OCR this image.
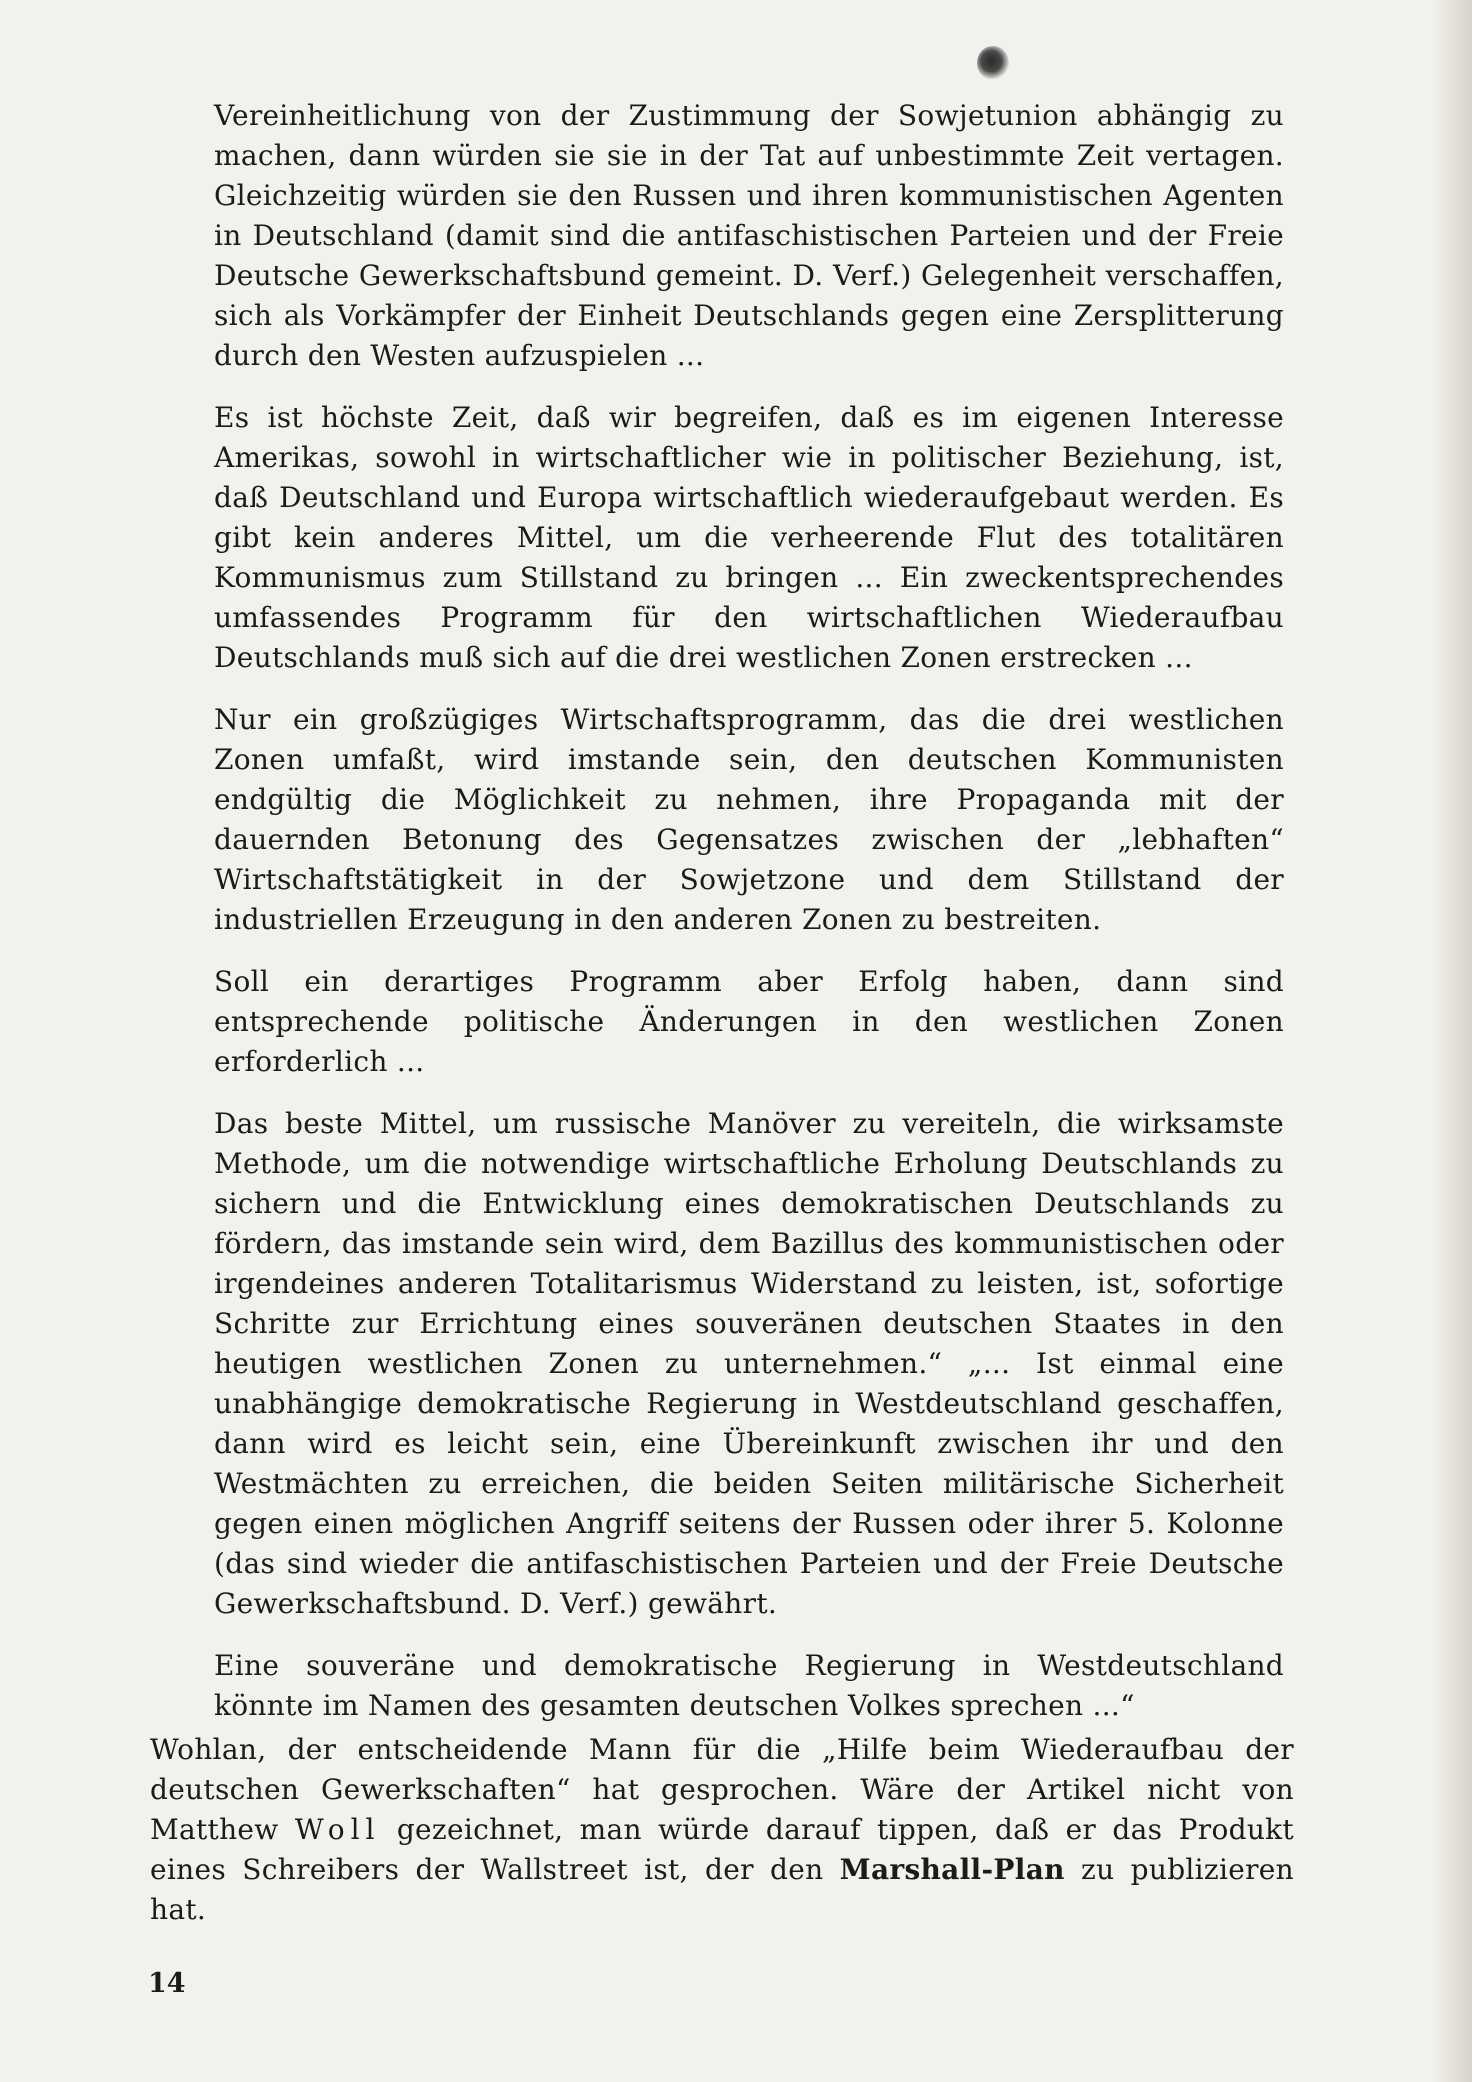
Vereinheitlichung von der Zustimmung der Sowjetunion abhängig zu machen, dann würden sie sie in der Tat auf unbestimmte Zeit vertagen. Gleichzeitig würden sie den Russen und ihren kommunistischen Agenten in Deutschland (damit sind die antifaschistischen Parteien und der Freie Deutsche Gewerkschaftsbund gemeint. D. Verf.) Gelegenheit verschaffen, sich als Vorkämpfer der Einheit Deutschlands gegen eine Zersplitterung durch den Westen aufzuspielen ...

Es ist höchste Zeit, daß wir begreifen, daß es im eigenen Interesse Amerikas, sowohl in wirtschaftlicher wie in politischer Beziehung, ist, daß Deutschland und Europa wirtschaftlich wiederaufgebaut werden. Es gibt kein anderes Mittel, um die verheerende Flut des totalitären Kommunismus zum Stillstand zu bringen ... Ein zweckentsprechendes umfassendes Programm für den wirtschaftlichen Wiederaufbau Deutschlands muß sich auf die drei westlichen Zonen erstrecken ...

Nur ein großzügiges Wirtschaftsprogramm, das die drei westlichen Zonen umfaßt, wird imstande sein, den deutschen Kommunisten endgültig die Möglichkeit zu nehmen, ihre Propaganda mit der dauernden Betonung des Gegensatzes zwischen der „lebhaften“ Wirtschaftstätigkeit in der Sowjetzone und dem Stillstand der industriellen Erzeugung in den anderen Zonen zu bestreiten.

Soll ein derartiges Programm aber Erfolg haben, dann sind entsprechende politische Änderungen in den westlichen Zonen erforderlich ...

Das beste Mittel, um russische Manöver zu vereiteln, die wirksamste Methode, um die notwendige wirtschaftliche Erholung Deutschlands zu sichern und die Entwicklung eines demokratischen Deutschlands zu fördern, das imstande sein wird, dem Bazillus des kommunistischen oder irgendeines anderen Totalitarismus Widerstand zu leisten, ist, sofortige Schritte zur Errichtung eines souveränen deutschen Staates in den heutigen westlichen Zonen zu unternehmen.“ „... Ist einmal eine unabhängige demokratische Regierung in Westdeutschland geschaffen, dann wird es leicht sein, eine Übereinkunft zwischen ihr und den Westmächten zu erreichen, die beiden Seiten militärische Sicherheit gegen einen möglichen Angriff seitens der Russen oder ihrer 5. Kolonne (das sind wieder die antifaschistischen Parteien und der Freie Deutsche Gewerkschaftsbund. D. Verf.) gewährt.

Eine souveräne und demokratische Regierung in Westdeutschland könnte im Namen des gesamten deutschen Volkes sprechen ...“

Wohlan, der entscheidende Mann für die „Hilfe beim Wiederaufbau der deutschen Gewerkschaften“ hat gesprochen. Wäre der Artikel nicht von Matthew Woll gezeichnet, man würde darauf tippen, daß er das Produkt eines Schreibers der Wallstreet ist, der den Marshall-Plan zu publizieren hat.

14
